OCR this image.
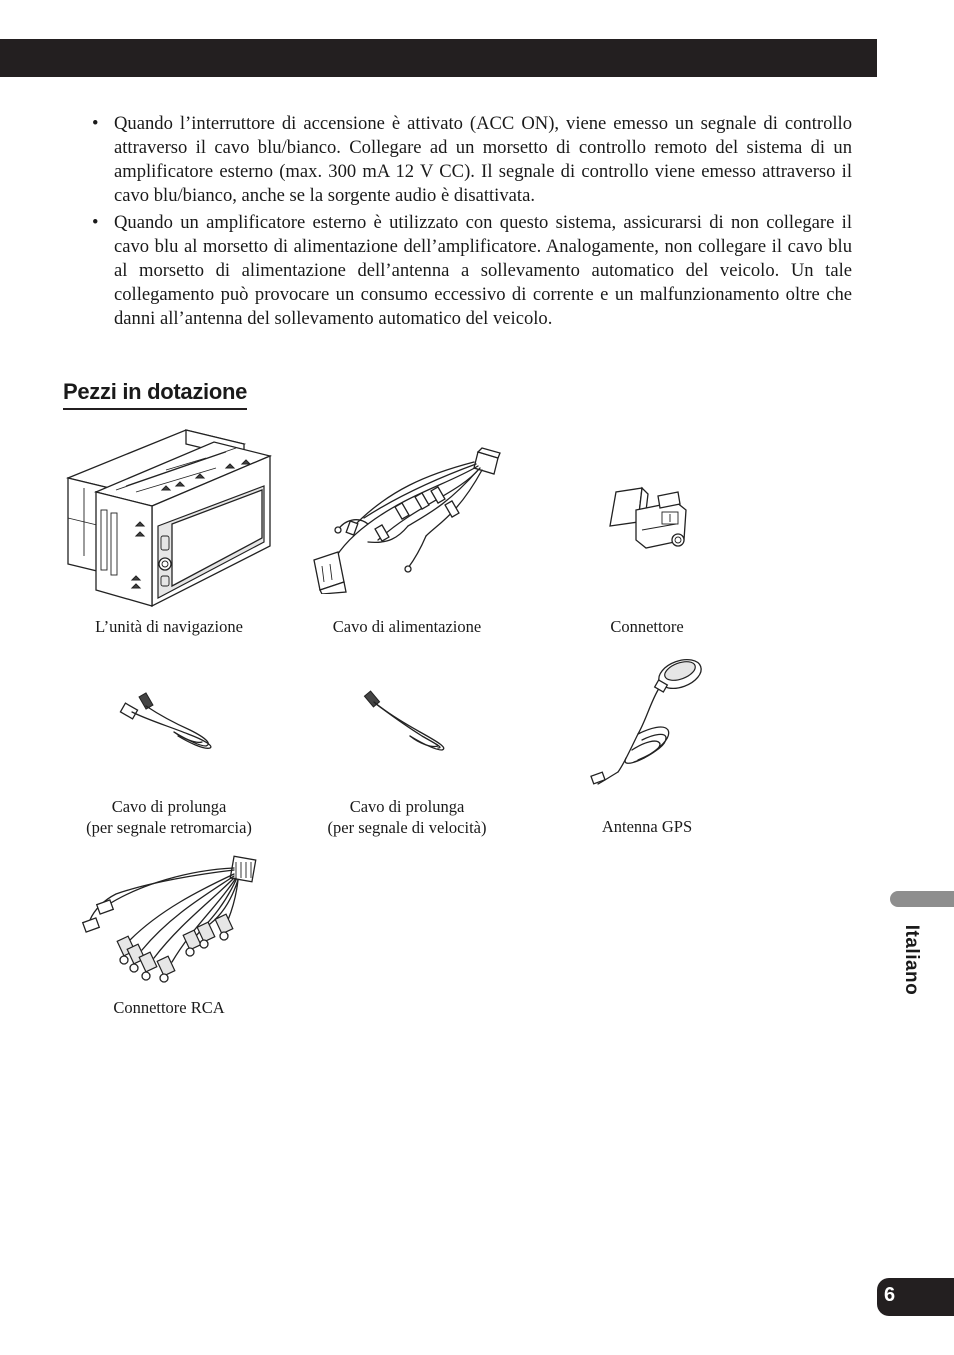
• Quando l’interruttore di accensione è attivato (ACC ON), viene emesso un segnale di controllo attraverso il cavo blu/bianco. Collegare ad un morsetto di controllo remoto del sistema di un amplificatore esterno (max. 300 mA 12 V CC). Il segnale di controllo viene emesso attraverso il cavo blu/bianco, anche se la sorgente audio è disattivata.
• Quando un amplificatore esterno è utilizzato con questo sistema, assicurarsi di non collegare il cavo blu al morsetto di alimentazione dell’amplificatore. Analogamente, non collegare il cavo blu al morsetto di alimentazione dell’antenna a sollevamento automatico del veicolo. Un tale collegamento può provocare un consumo eccessivo di corrente e un malfunzionamento oltre che danni all’antenna del sollevamento automatico del veicolo.
Pezzi in dotazione
L’unità di navigazione	Cavo di alimentazione	Connettore
Cavo di prolunga
(per segnale retromarcia)
Cavo di prolunga
(per segnale di velocità)	Antenna GPS
Connettore RCA
Italiano
6
